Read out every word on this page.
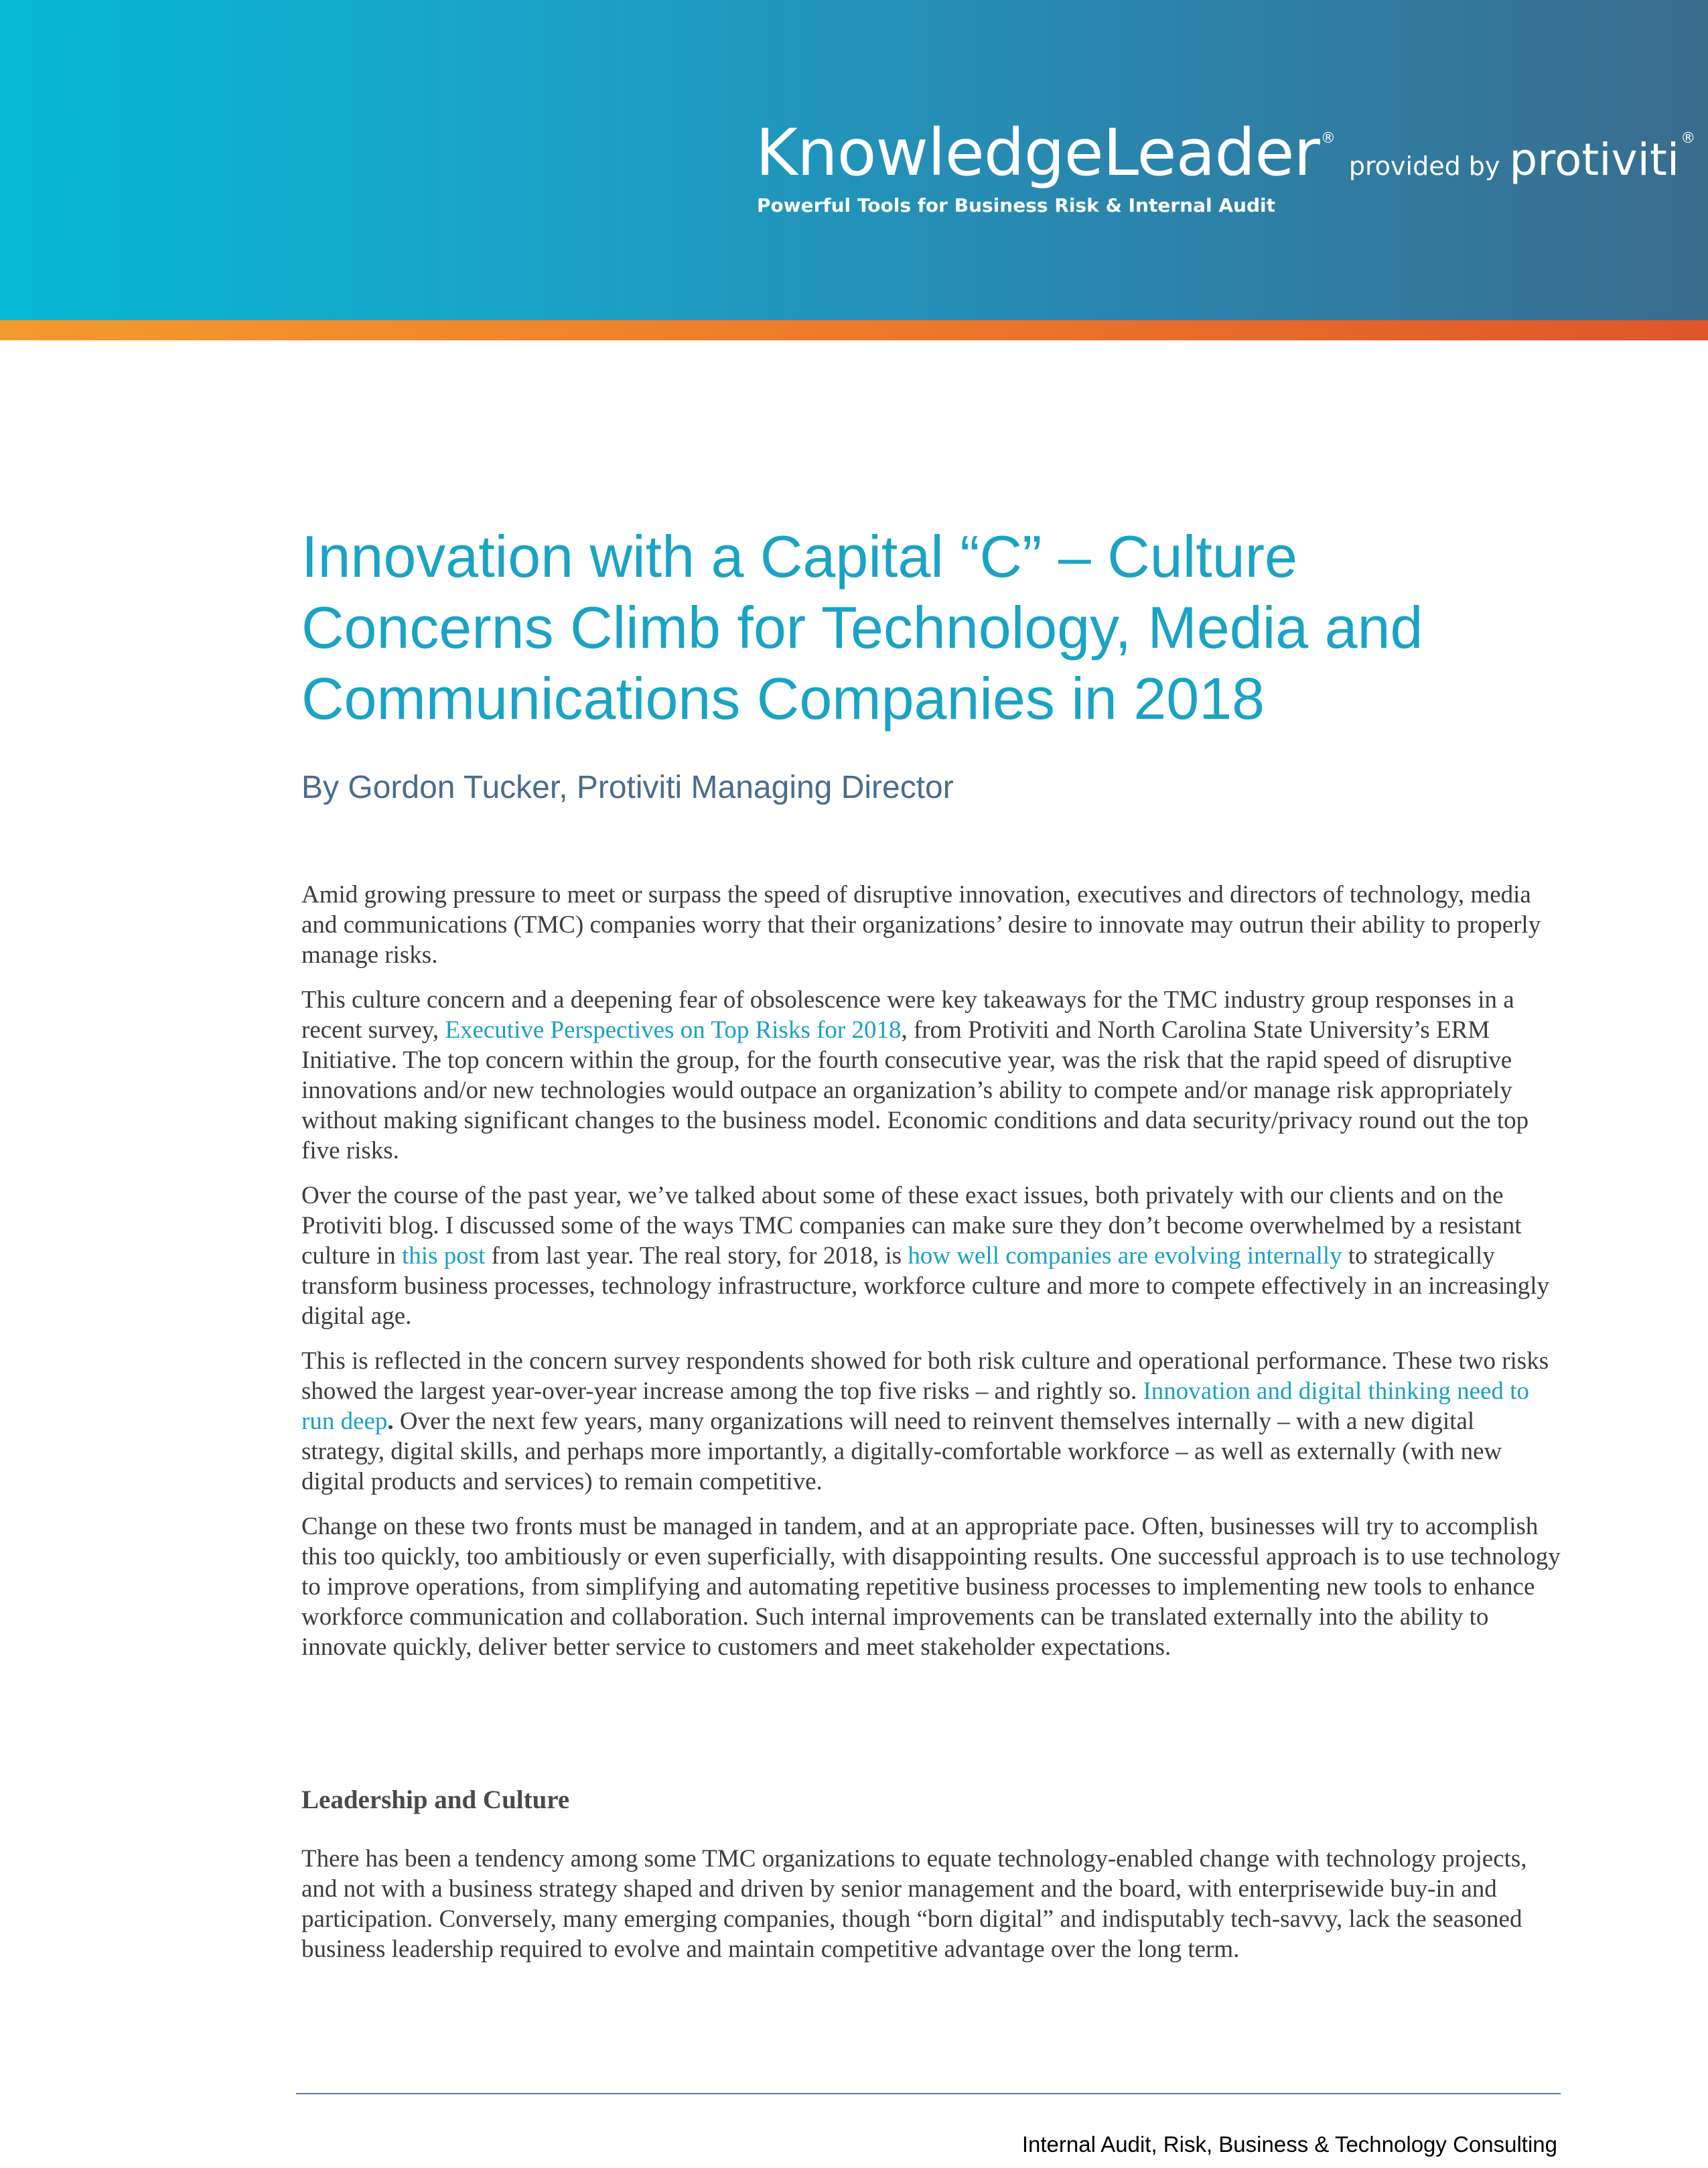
KnowledgeLeader® provided by protiviti®
Powerful Tools for Business Risk & Internal Audit
Innovation with a Capital “C” – Culture
Concerns Climb for Technology, Media and
Communications Companies in 2018
By Gordon Tucker, Protiviti Managing Director

Amid growing pressure to meet or surpass the speed of disruptive innovation, executives and directors of technology, media and communications (TMC) companies worry that their organizations’ desire to innovate may outrun their ability to properly manage risks.

This culture concern and a deepening fear of obsolescence were key takeaways for the TMC industry group responses in a recent survey, Executive Perspectives on Top Risks for 2018, from Protiviti and North Carolina State University’s ERM Initiative. The top concern within the group, for the fourth consecutive year, was the risk that the rapid speed of disruptive innovations and/or new technologies would outpace an organization’s ability to compete and/or manage risk appropriately without making significant changes to the business model. Economic conditions and data security/privacy round out the top five risks.

Over the course of the past year, we’ve talked about some of these exact issues, both privately with our clients and on the Protiviti blog. I discussed some of the ways TMC companies can make sure they don’t become overwhelmed by a resistant culture in this post from last year. The real story, for 2018, is how well companies are evolving internally to strategically transform business processes, technology infrastructure, workforce culture and more to compete effectively in an increasingly digital age.

This is reflected in the concern survey respondents showed for both risk culture and operational performance. These two risks showed the largest year-over-year increase among the top five risks – and rightly so. Innovation and digital thinking need to run deep. Over the next few years, many organizations will need to reinvent themselves internally – with a new digital strategy, digital skills, and perhaps more importantly, a digitally-comfortable workforce – as well as externally (with new digital products and services) to remain competitive.

Change on these two fronts must be managed in tandem, and at an appropriate pace. Often, businesses will try to accomplish this too quickly, too ambitiously or even superficially, with disappointing results. One successful approach is to use technology to improve operations, from simplifying and automating repetitive business processes to implementing new tools to enhance workforce communication and collaboration. Such internal improvements can be translated externally into the ability to innovate quickly, deliver better service to customers and meet stakeholder expectations.

Leadership and Culture

There has been a tendency among some TMC organizations to equate technology-enabled change with technology projects, and not with a business strategy shaped and driven by senior management and the board, with enterprisewide buy-in and participation. Conversely, many emerging companies, though “born digital” and indisputably tech-savvy, lack the seasoned business leadership required to evolve and maintain competitive advantage over the long term.

Internal Audit, Risk, Business & Technology Consulting
